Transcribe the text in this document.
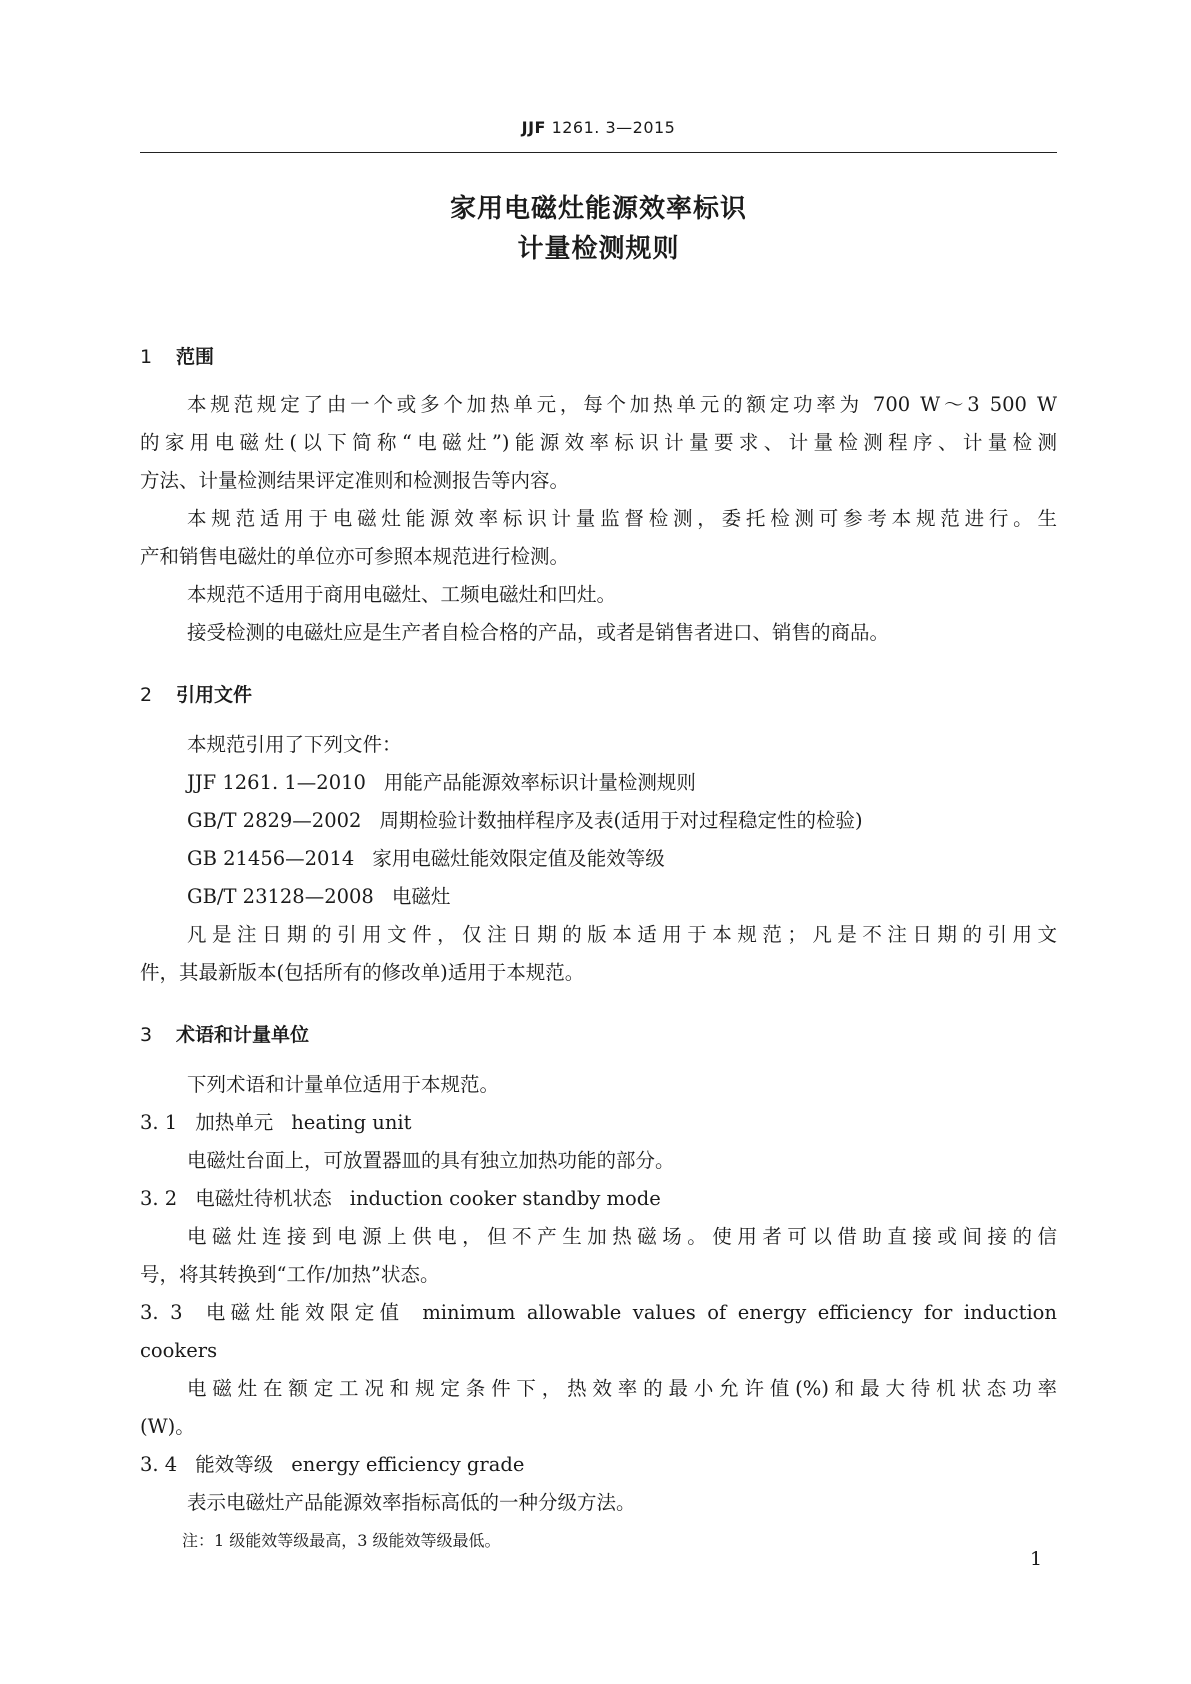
JJF 1261. 3—2015
家用电磁灶能源效率标识
计量检测规则
1 范围
本规范规定了由一个或多个加热单元，每个加热单元的额定功率为 700 W～3 500 W
的家用电磁灶(以下简称“电磁灶”)能源效率标识计量要求、计量检测程序、计量检测
方法、计量检测结果评定准则和检测报告等内容。
本规范适用于电磁灶能源效率标识计量监督检测，委托检测可参考本规范进行。生
产和销售电磁灶的单位亦可参照本规范进行检测。
本规范不适用于商用电磁灶、工频电磁灶和凹灶。
接受检测的电磁灶应是生产者自检合格的产品，或者是销售者进口、销售的商品。
2 引用文件
本规范引用了下列文件：
JJF 1261. 1—2010 用能产品能源效率标识计量检测规则
GB/T 2829—2002 周期检验计数抽样程序及表(适用于对过程稳定性的检验)
GB 21456—2014 家用电磁灶能效限定值及能效等级
GB/T 23128—2008 电磁灶
凡是注日期的引用文件，仅注日期的版本适用于本规范；凡是不注日期的引用文
件，其最新版本(包括所有的修改单)适用于本规范。
3 术语和计量单位
下列术语和计量单位适用于本规范。
3. 1 加热单元 heating unit
电磁灶台面上，可放置器皿的具有独立加热功能的部分。
3. 2 电磁灶待机状态 induction cooker standby mode
电磁灶连接到电源上供电，但不产生加热磁场。使用者可以借助直接或间接的信
号，将其转换到“工作/加热”状态。
3. 3 电磁灶能效限定值 minimum allowable values of energy efficiency for induction
cookers
电磁灶在额定工况和规定条件下，热效率的最小允许值(%)和最大待机状态功率
(W)。
3. 4 能效等级 energy efficiency grade
表示电磁灶产品能源效率指标高低的一种分级方法。
注：1 级能效等级最高，3 级能效等级最低。
1
